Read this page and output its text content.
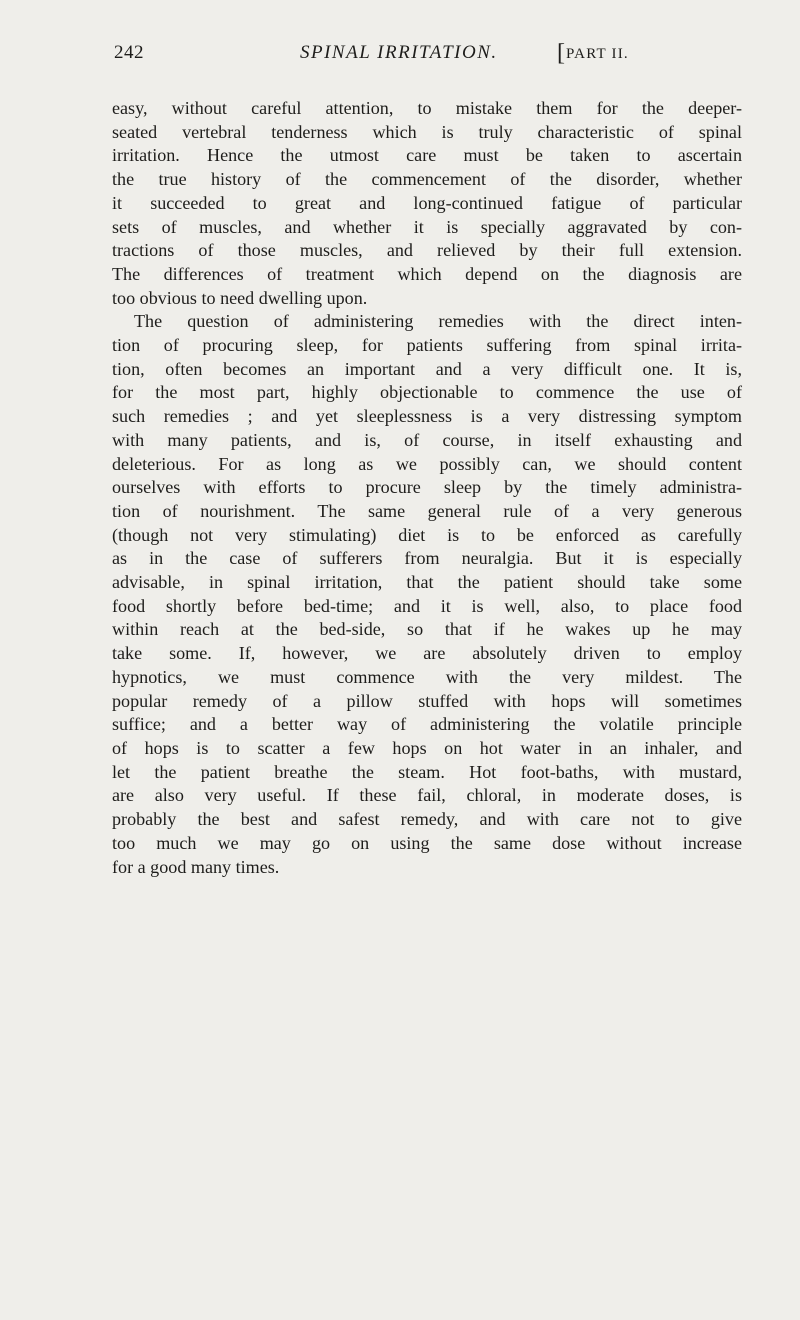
242	SPINAL IRRITATION. [PART II.
easy, without careful attention, to mistake them for the deeper-
seated vertebral tenderness which is truly characteristic of spinal
irritation. Hence the utmost care must be taken to ascertain
the true history of the commencement of the disorder, whether
it succeeded to great and long-continued fatigue of particular
sets of muscles, and whether it is specially aggravated by con-
tractions of those muscles, and relieved by their full extension.
The differences of treatment which depend on the diagnosis are
too obvious to need dwelling upon.
The question of administering remedies with the direct inten-
tion of procuring sleep, for patients suffering from spinal irrita-
tion, often becomes an important and a very difficult one. It is,
for the most part, highly objectionable to commence the use of
such remedies ; and yet sleeplessness is a very distressing symptom
with many patients, and is, of course, in itself exhausting and
deleterious. For as long as we possibly can, we should content
ourselves with efforts to procure sleep by the timely administra-
tion of nourishment. The same general rule of a very generous
(though not very stimulating) diet is to be enforced as carefully
as in the case of sufferers from neuralgia. But it is especially
advisable, in spinal irritation, that the patient should take some
food shortly before bed-time; and it is well, also, to place food
within reach at the bed-side, so that if he wakes up he may
take some. If, however, we are absolutely driven to employ
hypnotics, we must commence with the very mildest. The
popular remedy of a pillow stuffed with hops will sometimes
suffice; and a better way of administering the volatile principle
of hops is to scatter a few hops on hot water in an inhaler, and
let the patient breathe the steam. Hot foot-baths, with mustard,
are also very useful. If these fail, chloral, in moderate doses, is
probably the best and safest remedy, and with care not to give
too much we may go on using the same dose without increase
for a good many times.
